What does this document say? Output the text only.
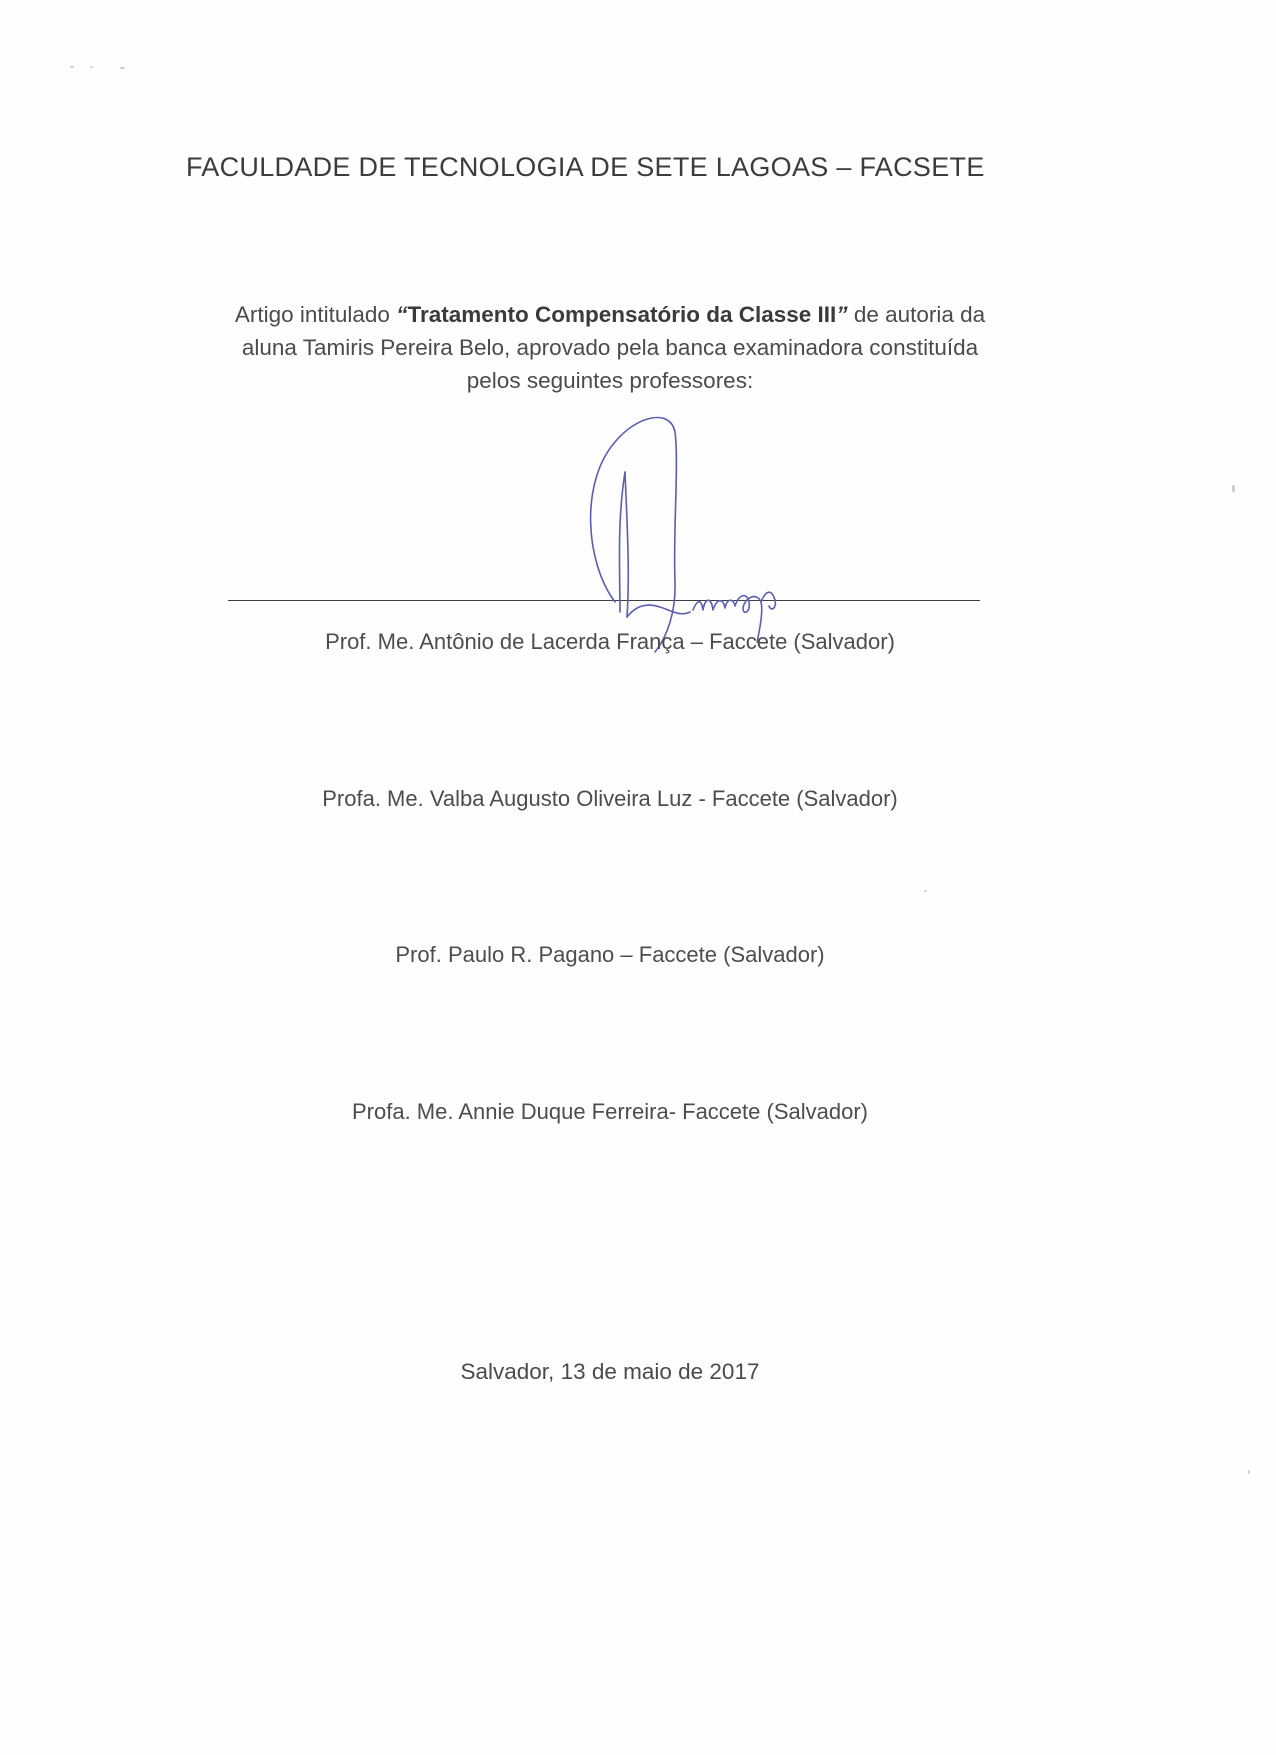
FACULDADE DE TECNOLOGIA DE SETE LAGOAS – FACSETE
Artigo intitulado “Tratamento Compensatório da Classe III” de autoria da
aluna Tamiris Pereira Belo, aprovado pela banca examinadora constituída
pelos seguintes professores:
Prof. Me. Antônio de Lacerda França – Faccete (Salvador)
Profa. Me. Valba Augusto Oliveira Luz - Faccete (Salvador)
Prof. Paulo R. Pagano – Faccete (Salvador)
Profa. Me. Annie Duque Ferreira- Faccete (Salvador)
Salvador, 13 de maio de 2017
